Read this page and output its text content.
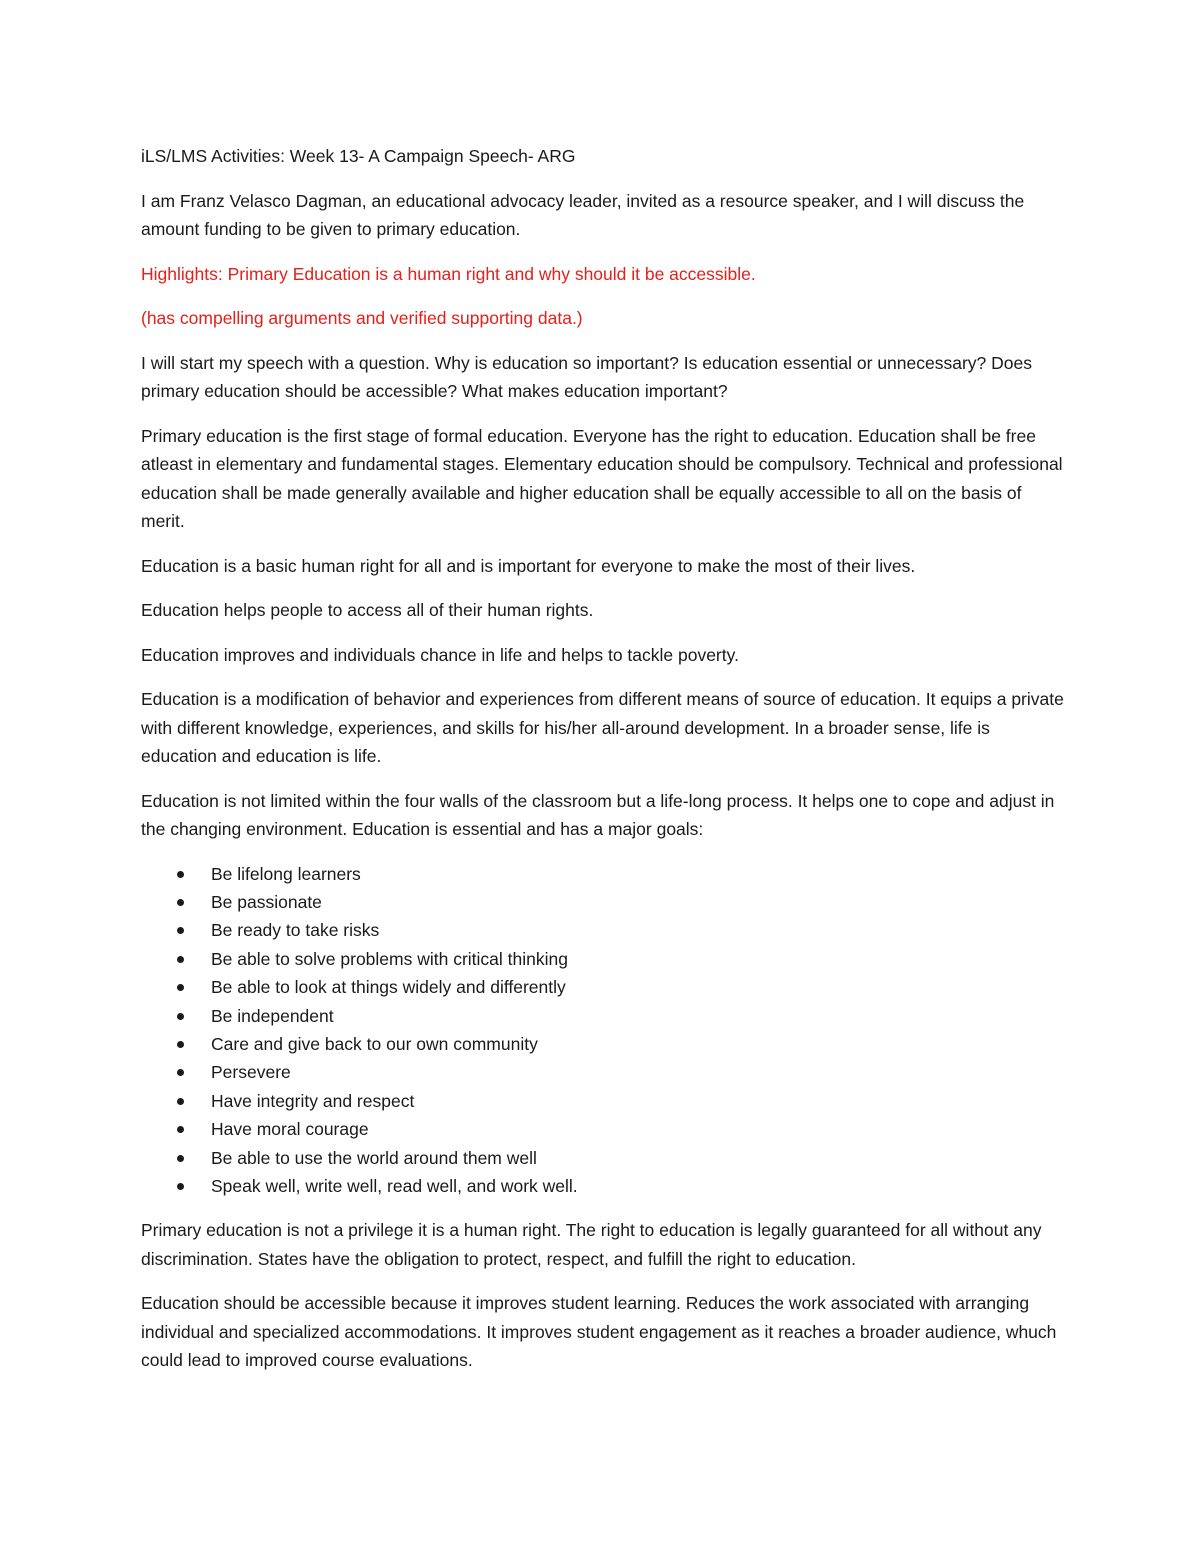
iLS/LMS Activities: Week 13- A Campaign Speech- ARG

I am Franz Velasco Dagman, an educational advocacy leader, invited as a resource speaker, and I will discuss the amount funding to be given to primary education.

Highlights: Primary Education is a human right and why should it be accessible.

(has compelling arguments and verified supporting data.)

I will start my speech with a question. Why is education so important? Is education essential or unnecessary? Does primary education should be accessible? What makes education important?

Primary education is the first stage of formal education. Everyone has the right to education. Education shall be free atleast in elementary and fundamental stages. Elementary education should be compulsory. Technical and professional education shall be made generally available and higher education shall be equally accessible to all on the basis of merit.

Education is a basic human right for all and is important for everyone to make the most of their lives.

Education helps people to access all of their human rights.

Education improves and individuals chance in life and helps to tackle poverty.

Education is a modification of behavior and experiences from different means of source of education. It equips a private with different knowledge, experiences, and skills for his/her all-around development. In a broader sense, life is education and education is life.

Education is not limited within the four walls of the classroom but a life-long process. It helps one to cope and adjust in the changing environment. Education is essential and has a major goals:

Be lifelong learners
Be passionate
Be ready to take risks
Be able to solve problems with critical thinking
Be able to look at things widely and differently
Be independent
Care and give back to our own community
Persevere
Have integrity and respect
Have moral courage
Be able to use the world around them well
Speak well, write well, read well, and work well.

Primary education is not a privilege it is a human right. The right to education is legally guaranteed for all without any discrimination. States have the obligation to protect, respect, and fulfill the right to education.

Education should be accessible because it improves student learning. Reduces the work associated with arranging individual and specialized accommodations. It improves student engagement as it reaches a broader audience, whuch could lead to improved course evaluations.
